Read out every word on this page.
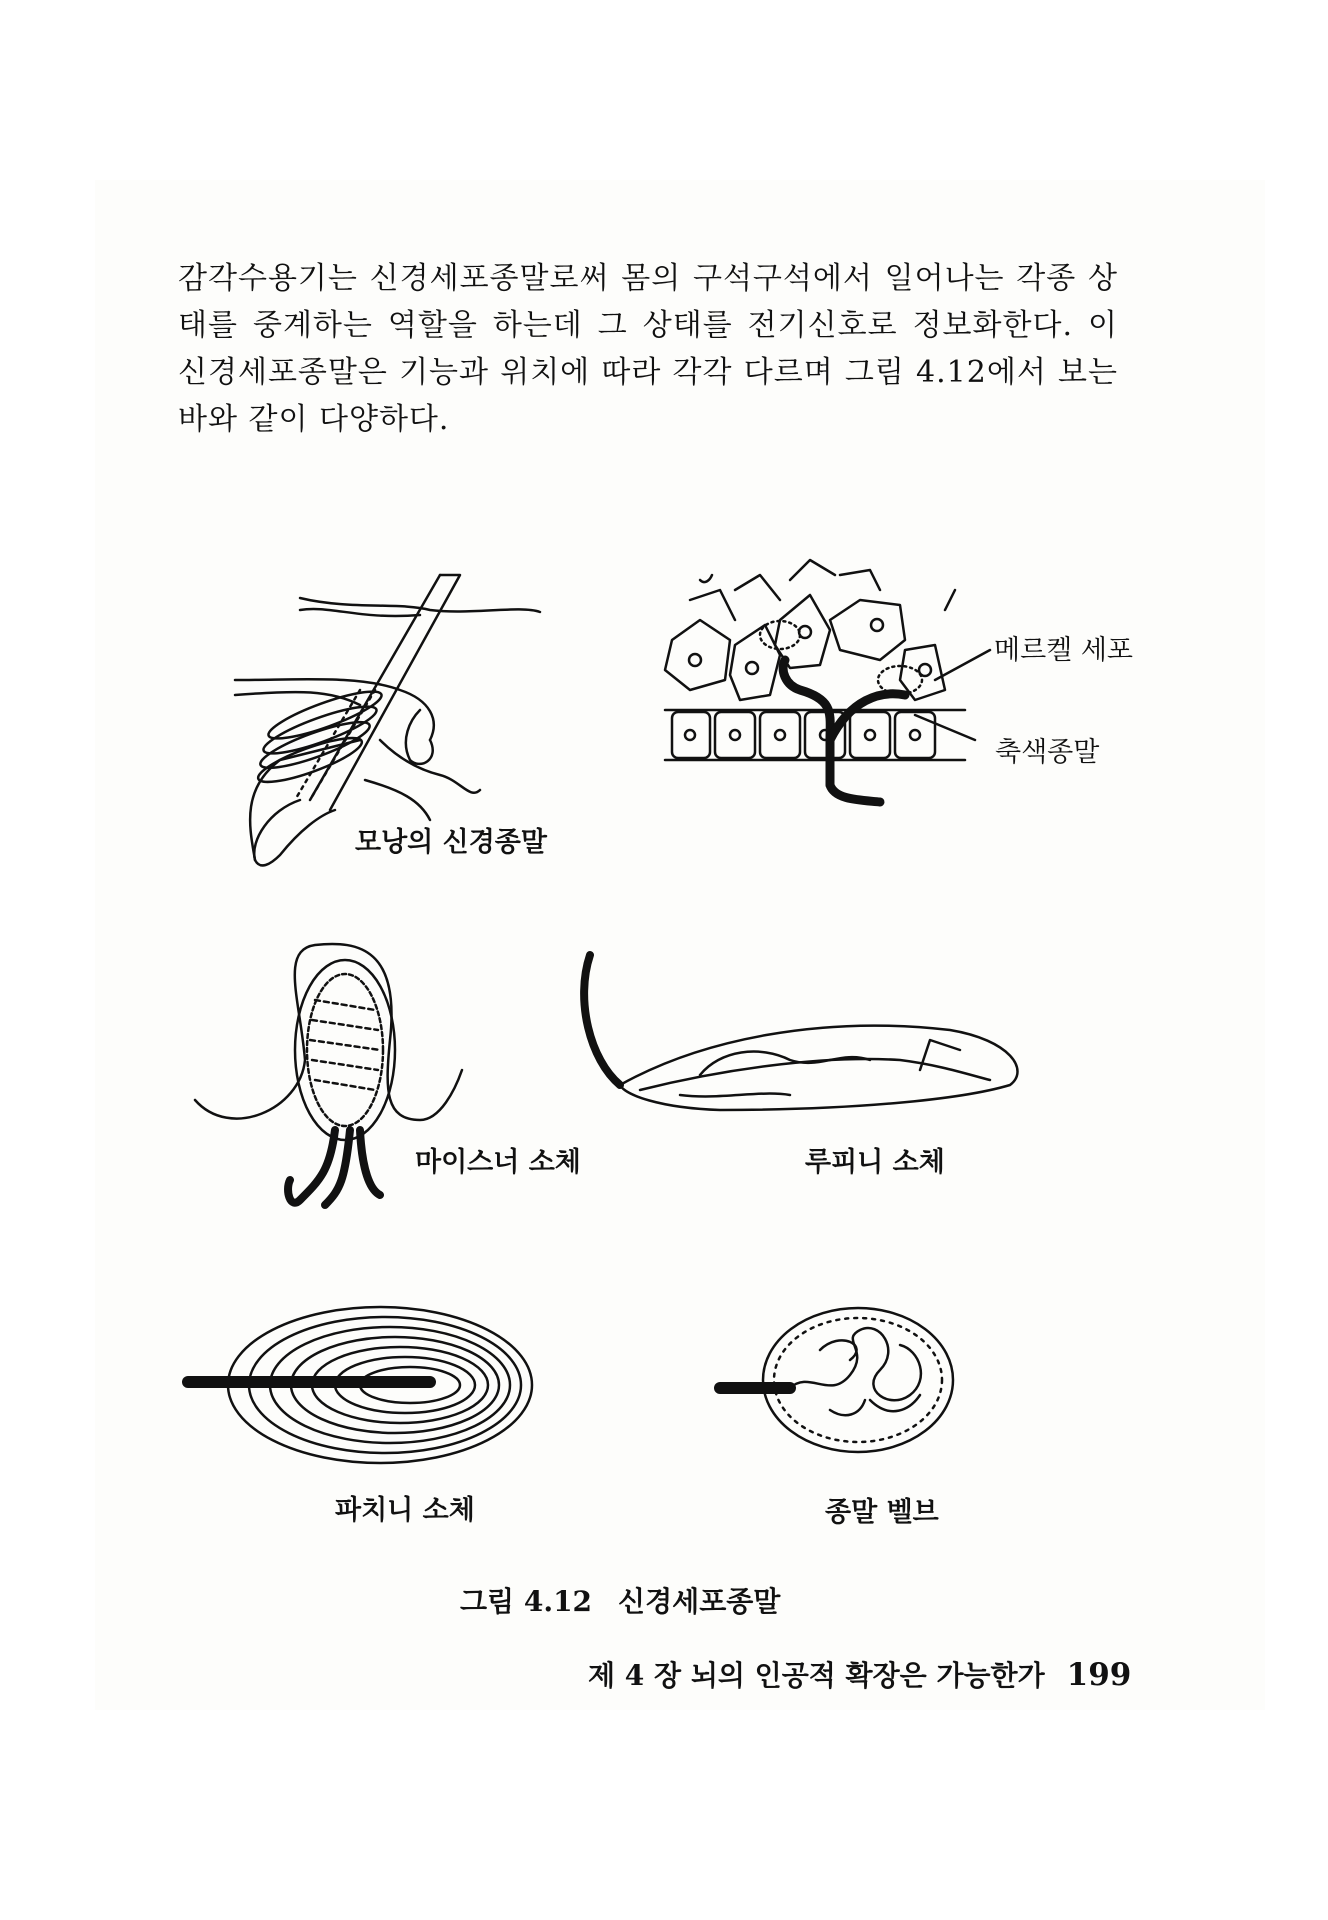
감각수용기는 신경세포종말로써 몸의 구석구석에서 일어나는 각종 상태를 중계하는 역할을 하는데 그 상태를 전기신호로 정보화한다. 이 신경세포종말은 기능과 위치에 따라 각각 다르며 그림 4.12에서 보는 바와 같이 다양하다.
모낭의 신경종말
메르켈 세포
축색종말
마이스너 소체	루피니 소체
파치니 소체	종말 벨브
그림 4.12 신경세포종말
제 4 장 뇌의 인공적 확장은 가능한가 199
